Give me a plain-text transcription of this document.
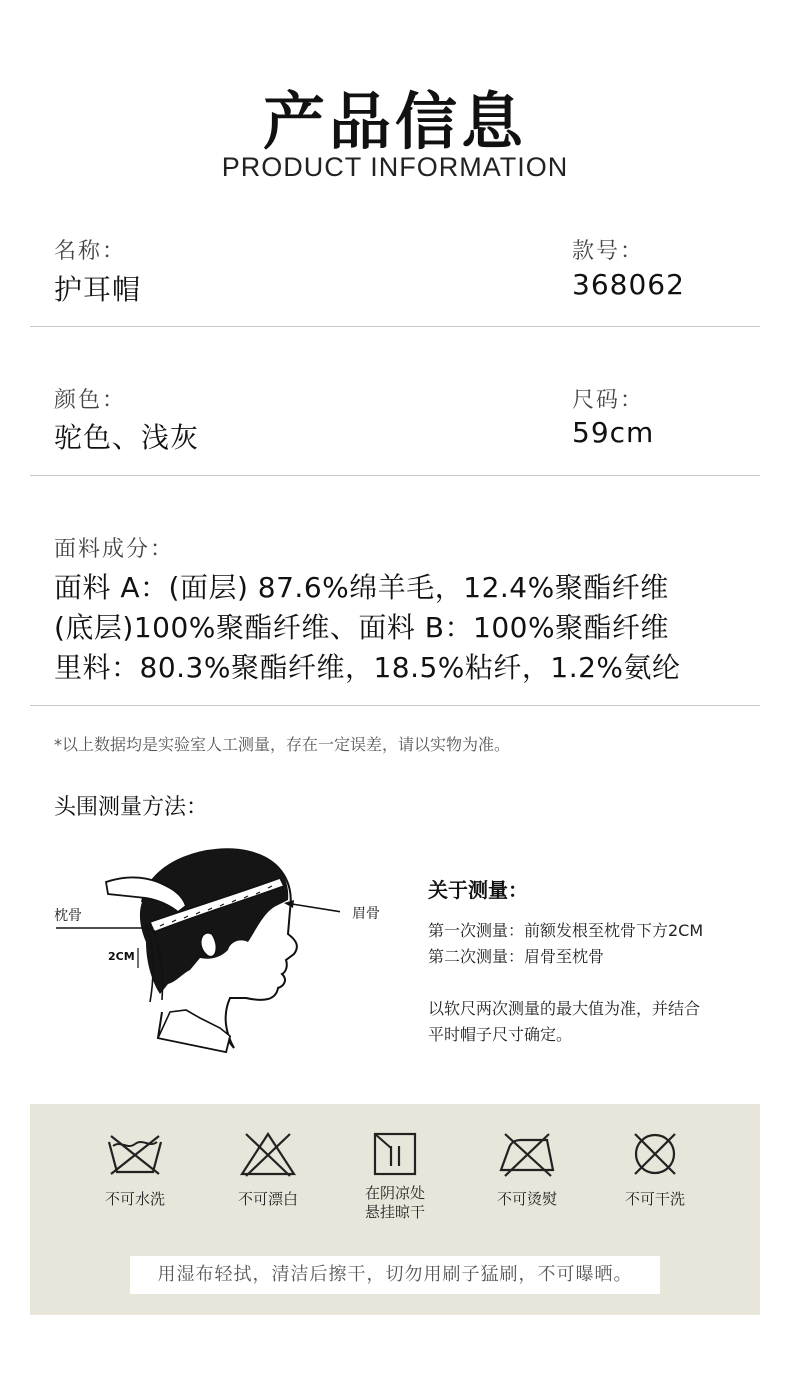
产品信息
PRODUCT INFORMATION
名称：
护耳帽
款号：
368062
颜色：
驼色、浅灰
尺码：
59cm
面料成分：
面料 A：(面层) 87.6%绵羊毛，12.4%聚酯纤维
(底层)100%聚酯纤维、面料 B：100%聚酯纤维
里料：80.3%聚酯纤维，18.5%粘纤，1.2%氨纶
*以上数据均是实验室人工测量，存在一定误差，请以实物为准。
头围测量方法：
枕骨	眉骨
2CM
关于测量：
第一次测量：前额发根至枕骨下方2CM
第二次测量：眉骨至枕骨
以软尺两次测量的最大值为准，并结合
平时帽子尺寸确定。
不可水洗	不可漂白	在阴凉处
悬挂晾干
不可烫熨	不可干洗
用湿布轻拭，清洁后擦干，切勿用刷子猛刷，不可曝晒。
